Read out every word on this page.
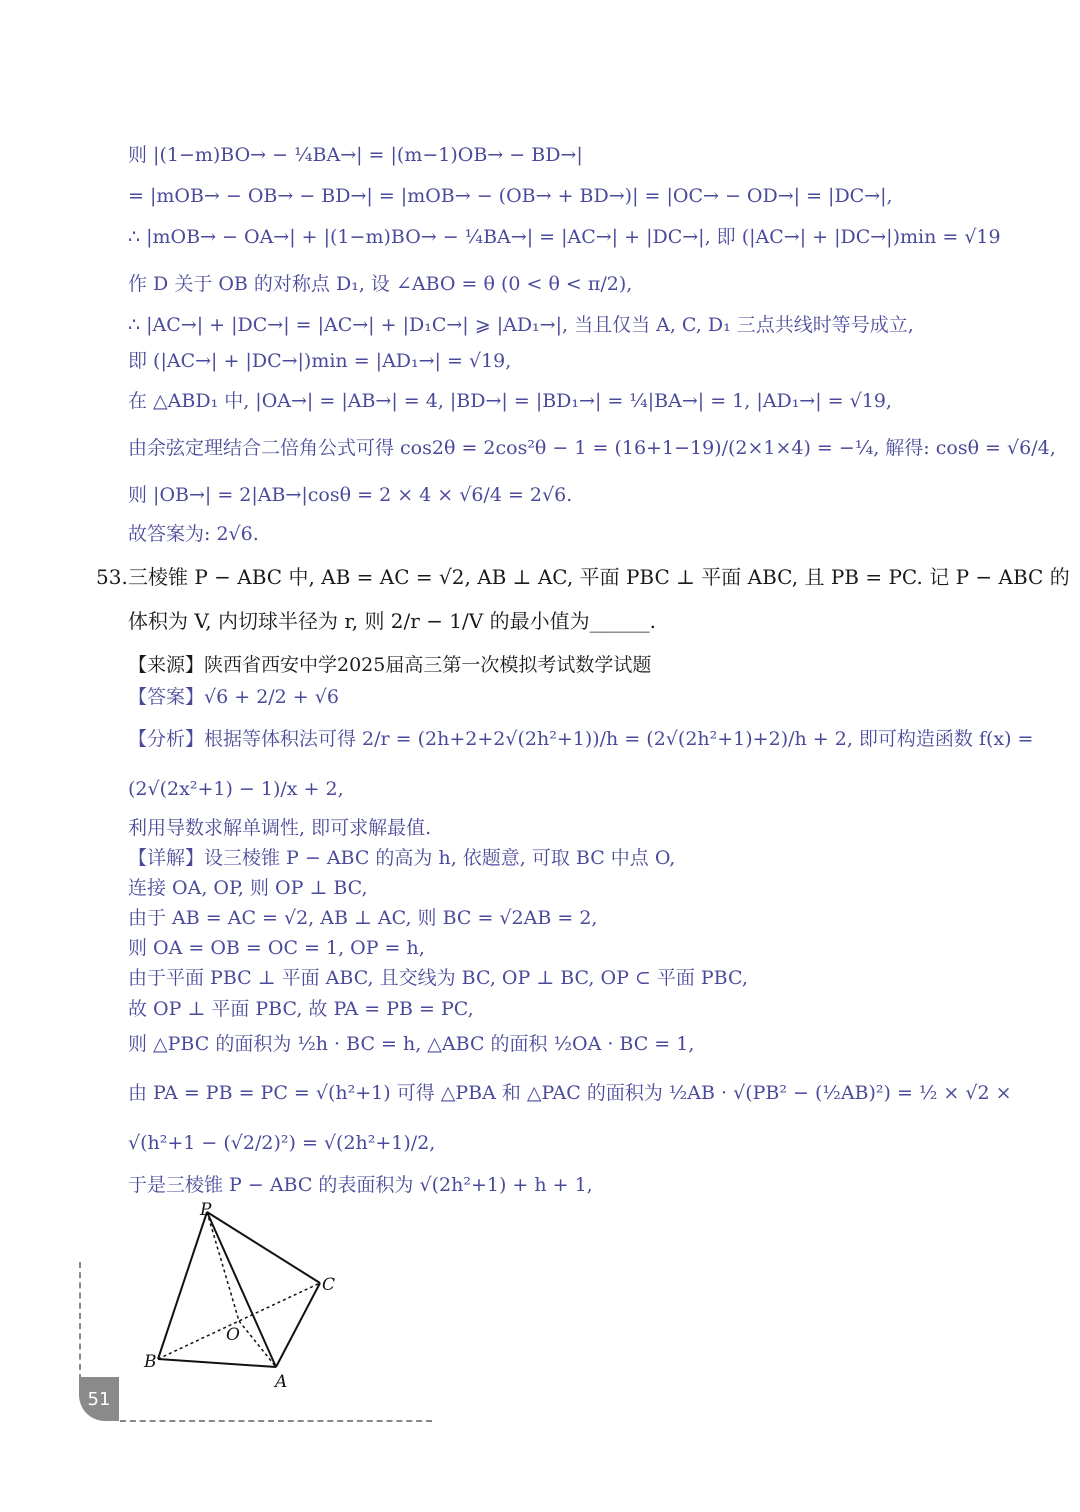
则 |(1−m)BO→ − ¼BA→| = |(m−1)OB→ − BD→|
= |mOB→ − OB→ − BD→| = |mOB→ − (OB→ + BD→)| = |OC→ − OD→| = |DC→|,
∴ |mOB→ − OA→| + |(1−m)BO→ − ¼BA→| = |AC→| + |DC→|, 即 (|AC→| + |DC→|)min = √19
作 D 关于 OB 的对称点 D₁, 设 ∠ABO = θ (0 < θ < π/2),
∴ |AC→| + |DC→| = |AC→| + |D₁C→| ⩾ |AD₁→|, 当且仅当 A, C, D₁ 三点共线时等号成立,
即 (|AC→| + |DC→|)min = |AD₁→| = √19,
在 △ABD₁ 中, |OA→| = |AB→| = 4, |BD→| = |BD₁→| = ¼|BA→| = 1, |AD₁→| = √19,
由余弦定理结合二倍角公式可得 cos2θ = 2cos²θ − 1 = (16+1−19)/(2×1×4) = −¼, 解得: cosθ = √6/4,
则 |OB→| = 2|AB→|cosθ = 2 × 4 × √6/4 = 2√6.
故答案为: 2√6.
53. 三棱锥 P − ABC 中, AB = AC = √2, AB ⊥ AC, 平面 PBC ⊥ 平面 ABC, 且 PB = PC. 记 P − ABC 的
体积为 V, 内切球半径为 r, 则 2/r − 1/V 的最小值为______.
【来源】陕西省西安中学2025届高三第一次模拟考试数学试题
【答案】√6 + 2/2 + √6
【分析】根据等体积法可得 2/r = (2h+2+2√(2h²+1))/h = (2√(2h²+1)+2)/h + 2, 即可构造函数 f(x) =
(2√(2x²+1) − 1)/x + 2,
利用导数求解单调性, 即可求解最值.
【详解】设三棱锥 P − ABC 的高为 h, 依题意, 可取 BC 中点 O,
连接 OA, OP, 则 OP ⊥ BC,
由于 AB = AC = √2, AB ⊥ AC, 则 BC = √2AB = 2,
则 OA = OB = OC = 1, OP = h,
由于平面 PBC ⊥ 平面 ABC, 且交线为 BC, OP ⊥ BC, OP ⊂ 平面 PBC,
故 OP ⊥ 平面 PBC, 故 PA = PB = PC,
则 △PBC 的面积为 ½h · BC = h, △ABC 的面积 ½OA · BC = 1,
由 PA = PB = PC = √(h²+1) 可得 △PBA 和 △PAC 的面积为 ½AB · √(PB² − (½AB)²) = ½ × √2 ×
√(h²+1 − (√2/2)²) = √(2h²+1)/2,
于是三棱锥 P − ABC 的表面积为 √(2h²+1) + h + 1,
P
C
O
B
A
51
